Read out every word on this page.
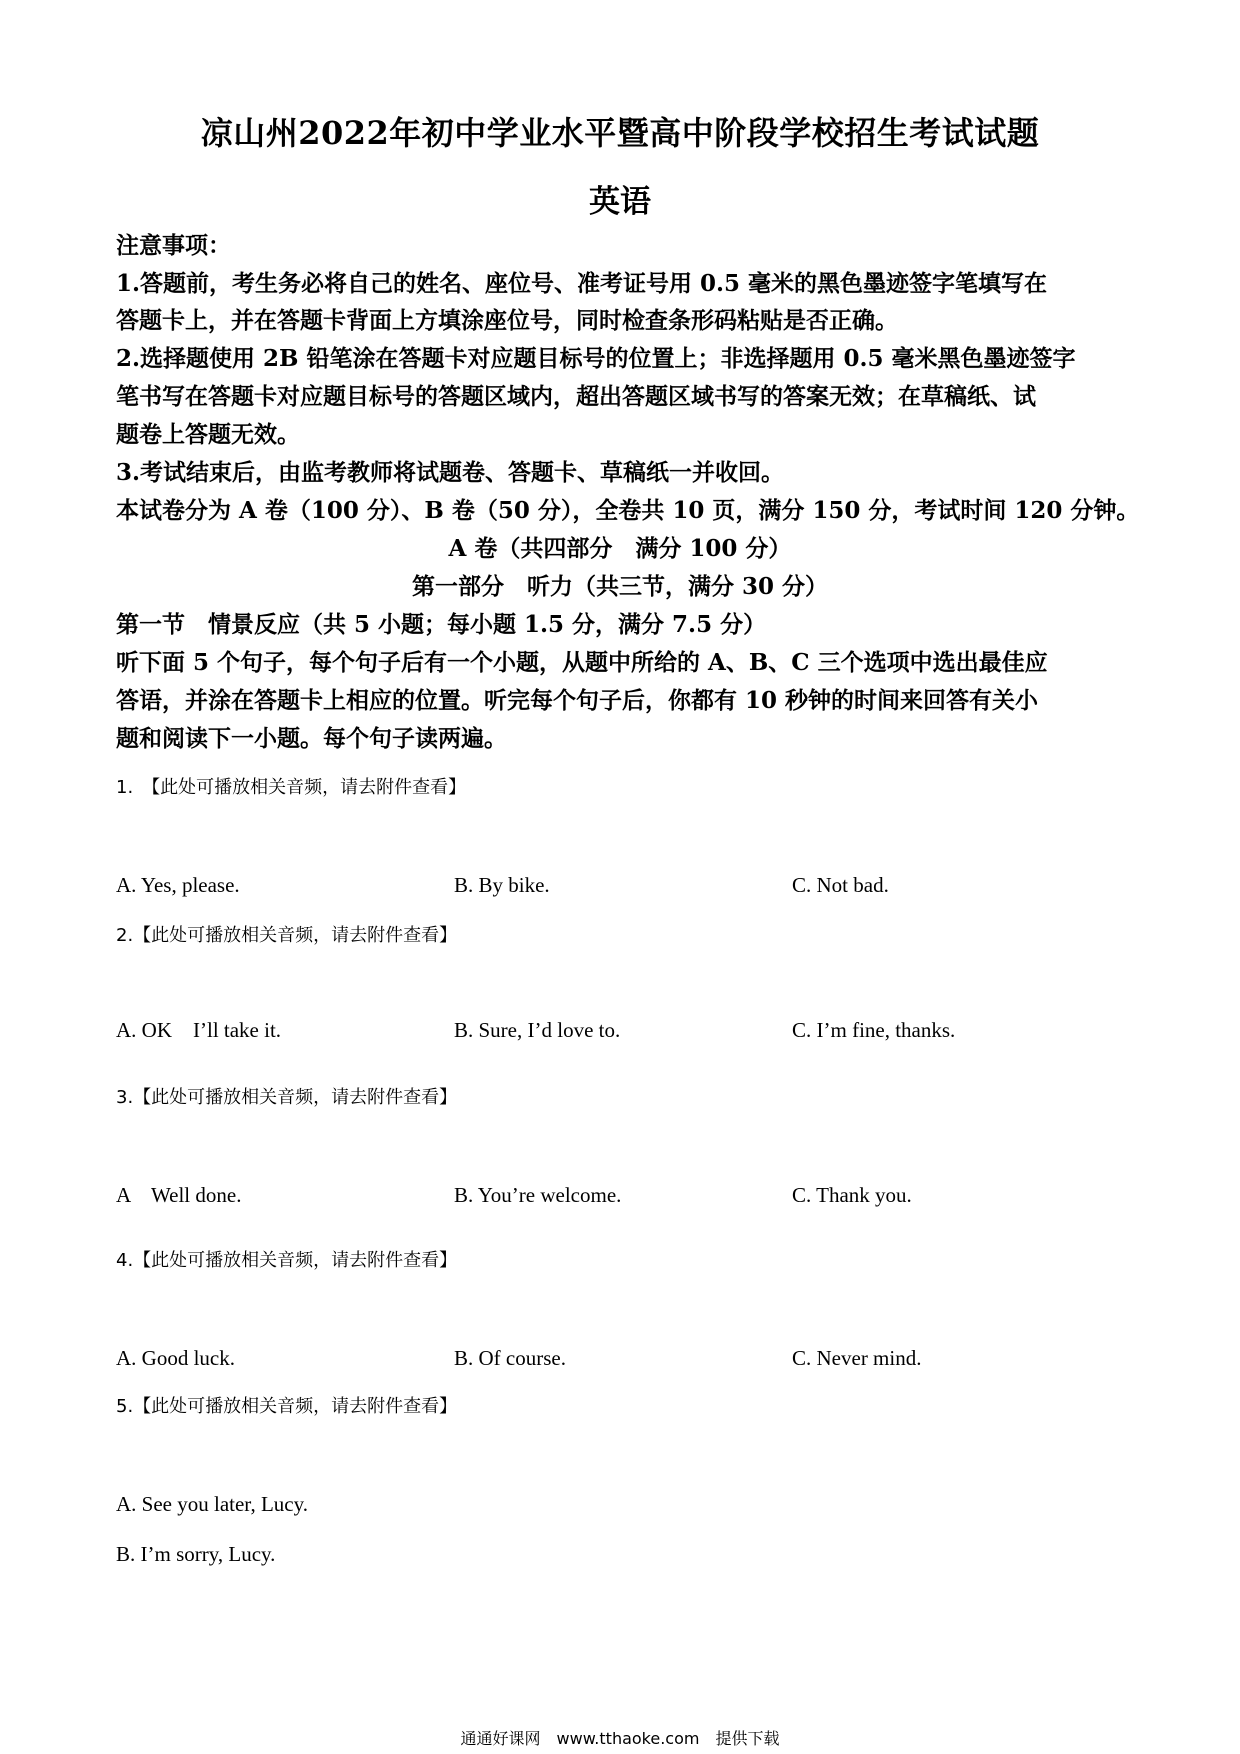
凉山州2022年初中学业水平暨高中阶段学校招生考试试题
英语
注意事项：
1.答题前，考生务必将自己的姓名、座位号、准考证号用 0.5 毫米的黑色墨迹签字笔填写在
答题卡上，并在答题卡背面上方填涂座位号，同时检查条形码粘贴是否正确。
2.选择题使用 2B 铅笔涂在答题卡对应题目标号的位置上；非选择题用 0.5 毫米黑色墨迹签字
笔书写在答题卡对应题目标号的答题区域内，超出答题区域书写的答案无效；在草稿纸、试
题卷上答题无效。
3.考试结束后，由监考教师将试题卷、答题卡、草稿纸一并收回。
本试卷分为 A 卷（100 分）、B 卷（50 分），全卷共 10 页，满分 150 分，考试时间 120 分钟。
A 卷（共四部分　满分 100 分）
第一部分　听力（共三节，满分 30 分）
第一节　情景反应（共 5 小题；每小题 1.5 分，满分 7.5 分）
听下面 5 个句子，每个句子后有一个小题，从题中所给的 A、B、C 三个选项中选出最佳应
答语，并涂在答题卡上相应的位置。听完每个句子后，你都有 10 秒钟的时间来回答有关小
题和阅读下一小题。每个句子读两遍。
1.　【此处可播放相关音频，请去附件查看】
A. Yes, please.	B. By bike.	C. Not bad.
2.【此处可播放相关音频，请去附件查看】
A. OK　I’ll take it.	B. Sure, I’d love to.	C. I’m fine, thanks.
3.【此处可播放相关音频，请去附件查看】
A　Well done.	B. You’re welcome.	C. Thank you.
4.【此处可播放相关音频，请去附件查看】
A. Good luck.	B. Of course.	C. Never mind.
5.【此处可播放相关音频，请去附件查看】
A. See you later, Lucy.
B. I’m sorry, Lucy.
通通好课网　www.tthaoke.com　提供下载
